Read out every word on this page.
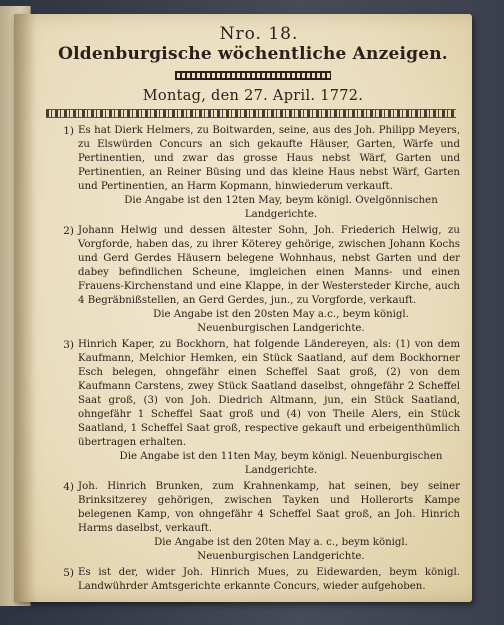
Nro. 18.
Oldenburgische wöchentliche Anzeigen.
Montag, den 27. April. 1772.
1) Es hat Dierk Helmers, zu Boitwarden, seine, aus des Joh. Philipp Meyers, zu Elswürden Concurs an sich gekaufte Häuser, Garten, Wärfe und Pertinentien, und zwar das grosse Haus nebst Wärf, Garten und Pertinentien, an Reiner Büsing und das kleine Haus nebst Wärf, Garten und Pertinentien, an Harm Kopmann, hinwiederum verkauft.
Die Angabe ist den 12ten May, beym königl. Ovelgönnischen Landgerichte.
2) Johann Helwig und dessen ältester Sohn, Joh. Friederich Helwig, zu Vorgforde, haben das, zu ihrer Köterey gehörige, zwischen Johann Kochs und Gerd Gerdes Häusern belegene Wohnhaus, nebst Garten und der dabey befindlichen Scheune, imgleichen einen Manns- und einen Frauens-Kirchenstand und eine Klappe, in der Westersteder Kirche, auch 4 Begräbnißstellen, an Gerd Gerdes, jun., zu Vorgforde, verkauft.
Die Angabe ist den 20sten May a.c., beym königl. Neuenburgischen Landgerichte.
3) Hinrich Kaper, zu Bockhorn, hat folgende Ländereyen, als: (1) von dem Kaufmann, Melchior Hemken, ein Stück Saatland, auf dem Bockhorner Esch belegen, ohngefähr einen Scheffel Saat groß, (2) von dem Kaufmann Carstens, zwey Stück Saatland daselbst, ohngefähr 2 Scheffel Saat groß, (3) von Joh. Diedrich Altmann, jun, ein Stück Saatland, ohngefähr 1 Scheffel Saat groß und (4) von Theile Alers, ein Stück Saatland, 1 Scheffel Saat groß, respective gekauft und erbeigenthümlich übertragen erhalten.
Die Angabe ist den 11ten May, beym königl. Neuenburgischen Landgerichte.
4) Joh. Hinrich Brunken, zum Krahnenkamp, hat seinen, bey seiner Brinksitzerey gehörigen, zwischen Tayken und Hollerorts Kampe belegenen Kamp, von ohngefähr 4 Scheffel Saat groß, an Joh. Hinrich Harms daselbst, verkauft.
Die Angabe ist den 20ten May a. c., beym königl. Neuenburgischen Landgerichte.
5) Es ist der, wider Joh. Hinrich Mues, zu Eidewarden, beym königl. Landwührder Amtsgerichte erkannte Concurs, wieder aufgehoben.
